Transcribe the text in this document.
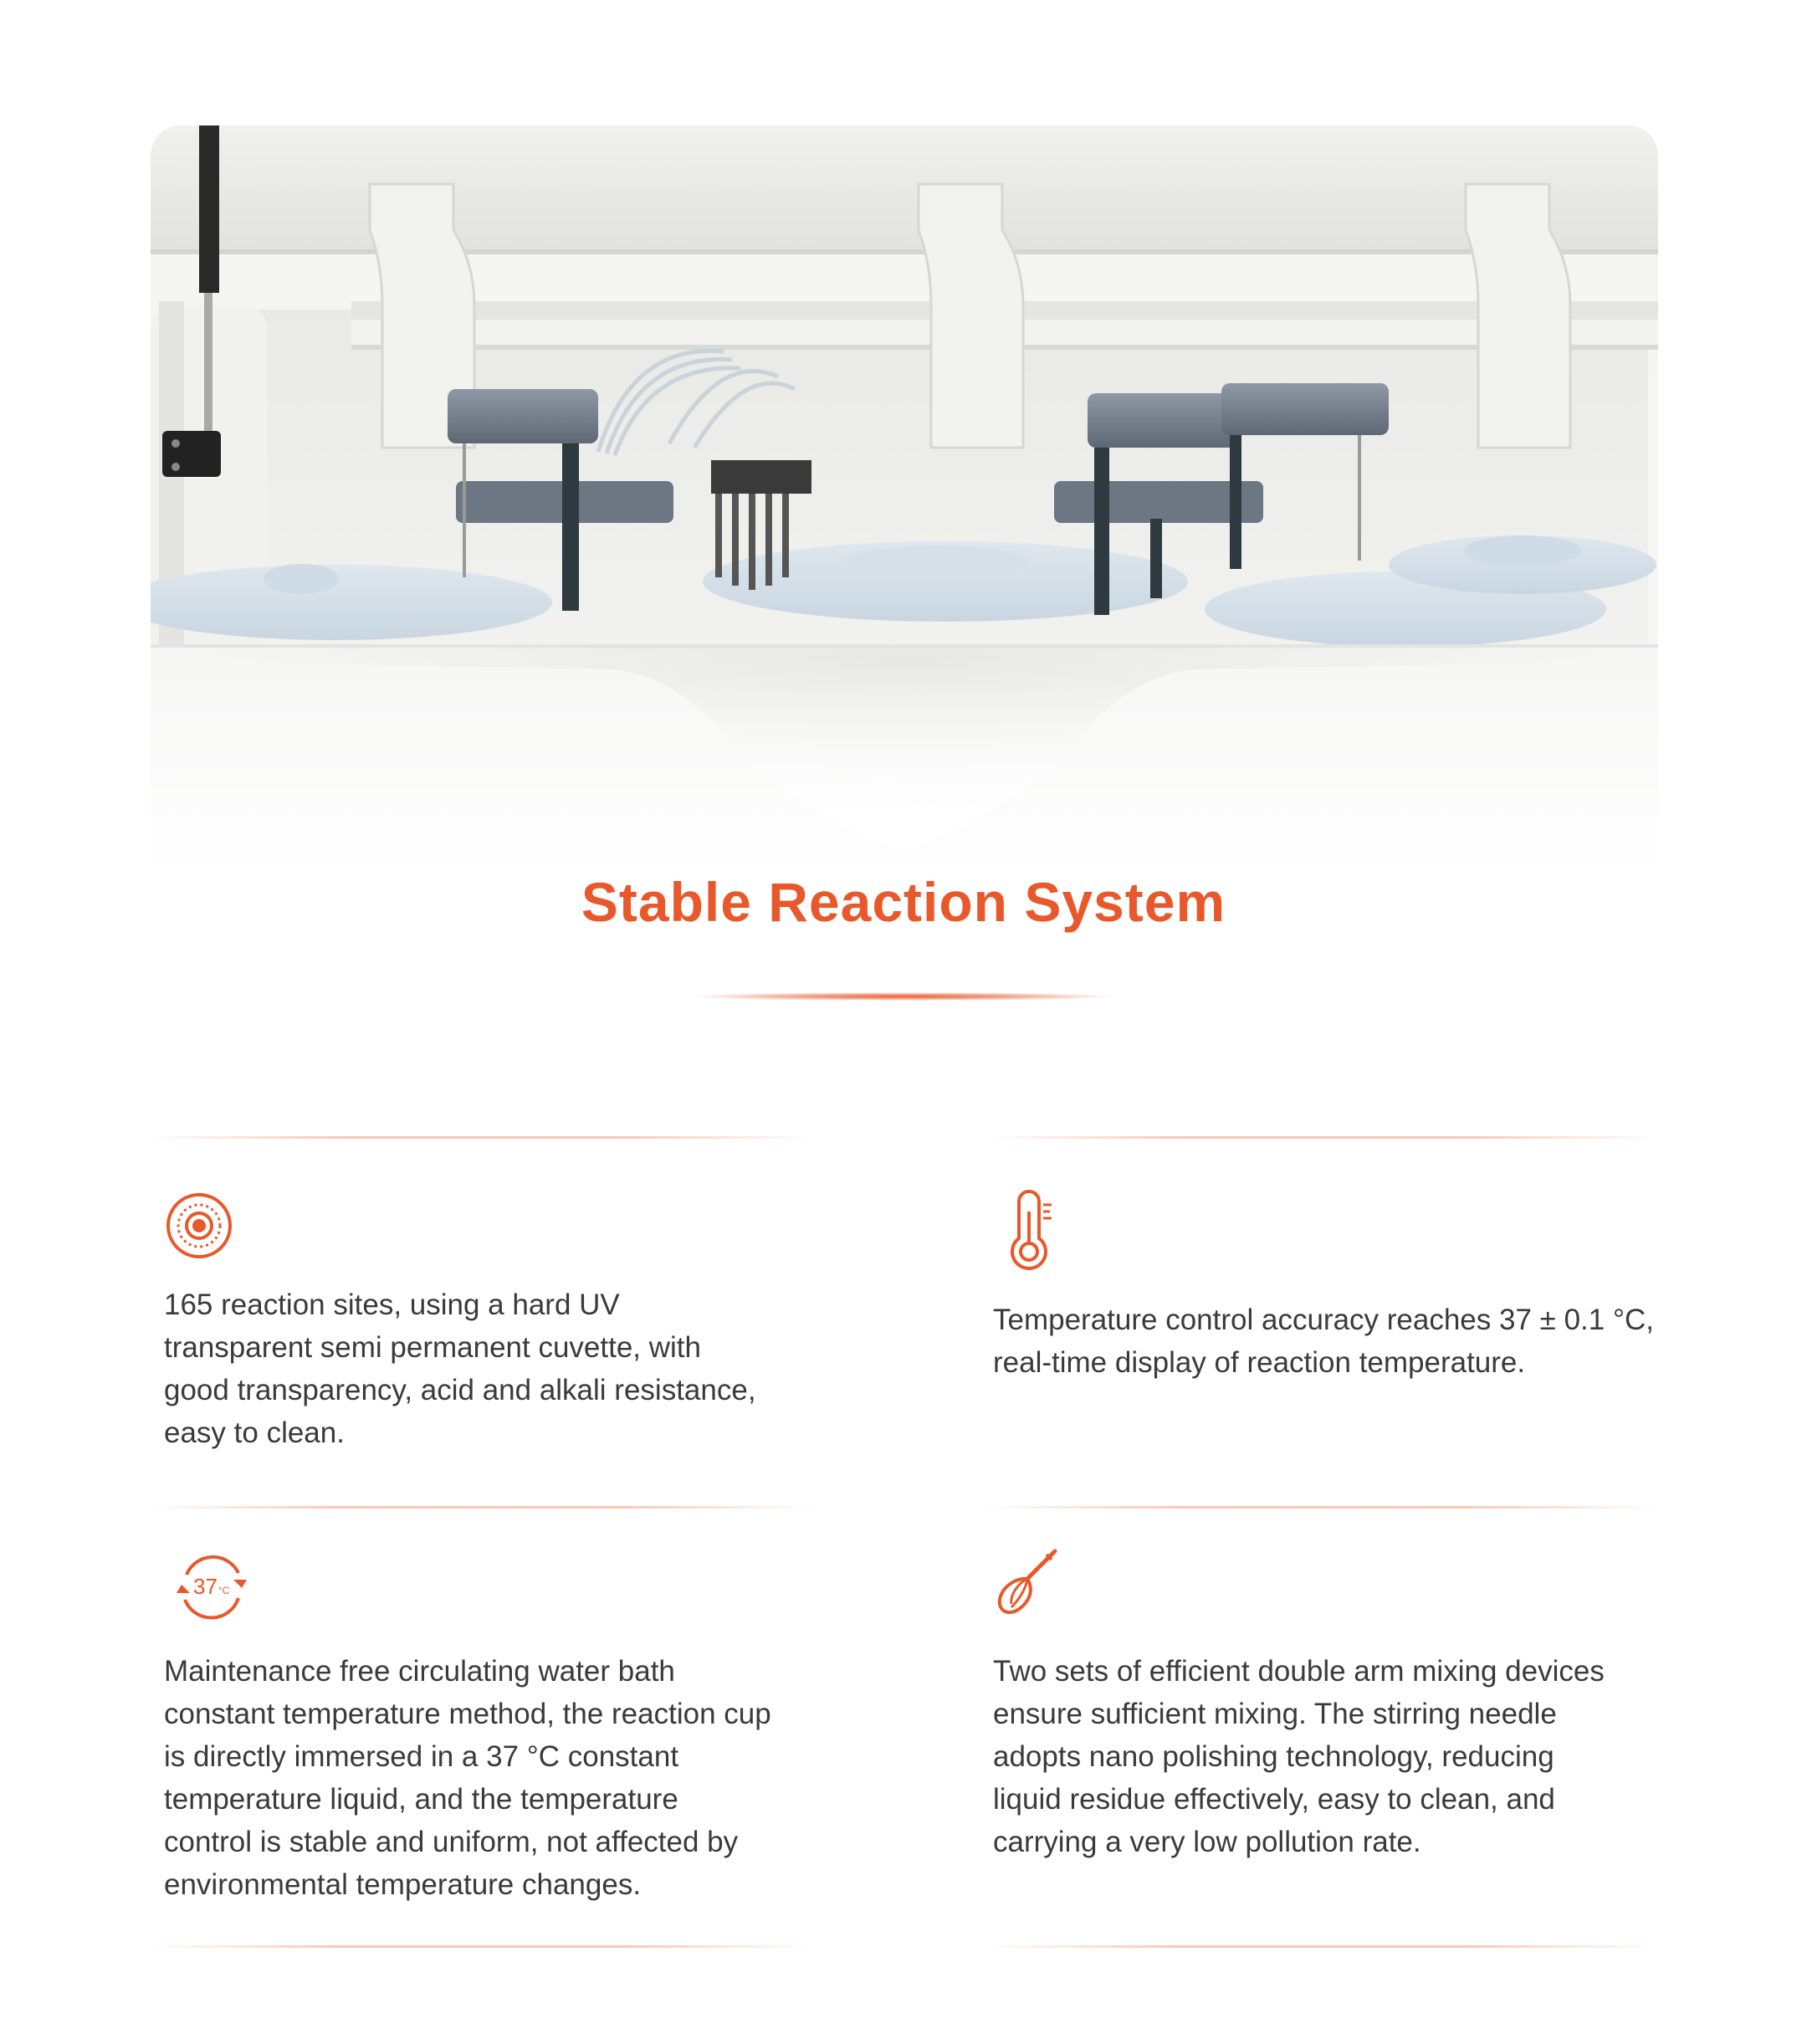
Stable Reaction System
165 reaction sites, using a hard UV
transparent semi permanent cuvette, with
good transparency, acid and alkali resistance,
easy to clean.
Temperature control accuracy reaches 37 ± 0.1 °C,
real-time display of reaction temperature.
37 °C
Maintenance free circulating water bath
constant temperature method, the reaction cup
is directly immersed in a 37 °C constant
temperature liquid, and the temperature
control is stable and uniform, not affected by
environmental temperature changes.
Two sets of efficient double arm mixing devices
ensure sufficient mixing. The stirring needle
adopts nano polishing technology, reducing
liquid residue effectively, easy to clean, and
carrying a very low pollution rate.
